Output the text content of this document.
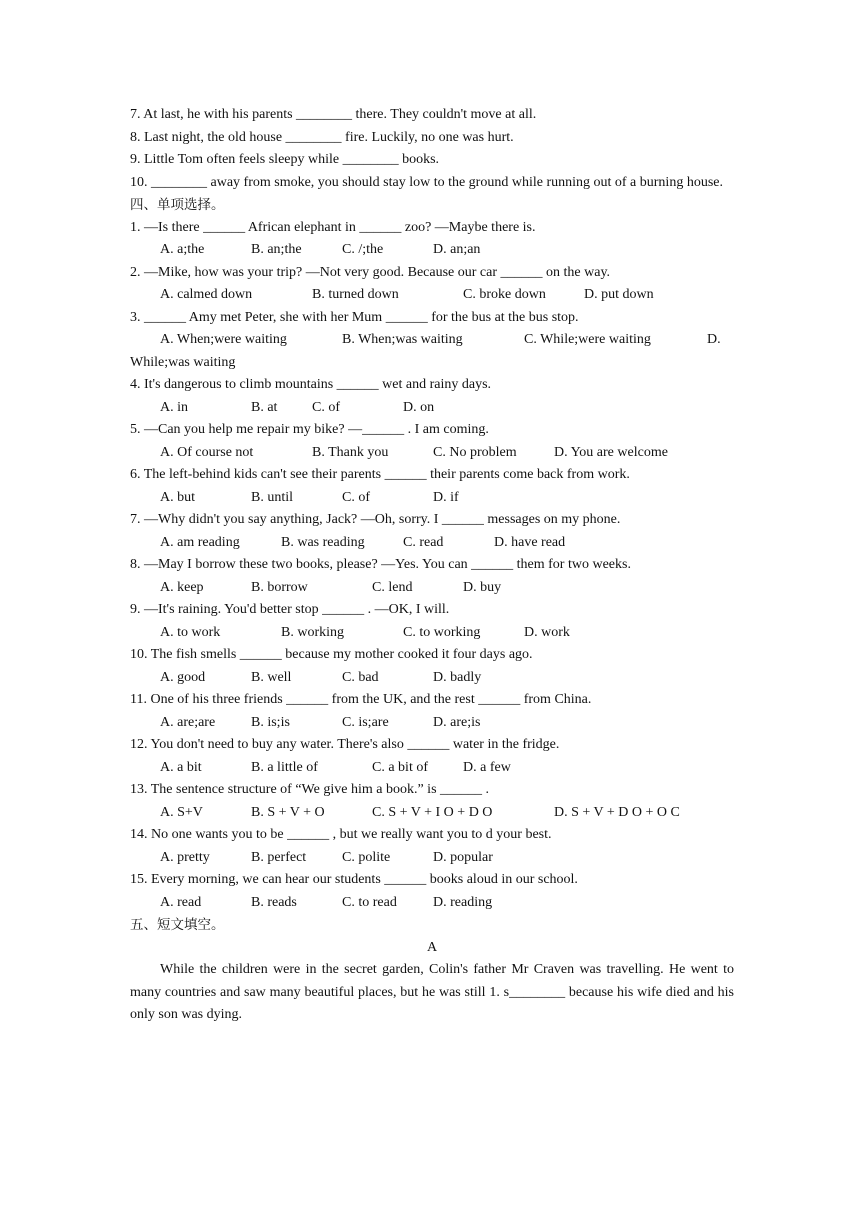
7. At last, he with his parents ________ there. They couldn't move at all.
8. Last night, the old house ________ fire. Luckily, no one was hurt.
9. Little Tom often feels sleepy while ________ books.
10. ________ away from smoke, you should stay low to the ground while running out of a burning house.
四、单项选择。
1. —Is there ______ African elephant in ______ zoo? —Maybe there is.
A. a;the	B. an;the	C. /;the	D. an;an
2. —Mike, how was your trip? —Not very good. Because our car ______ on the way.
A. calmed down	B. turned down	C. broke down	D. put down
3. ______ Amy met Peter, she with her Mum ______ for the bus at the bus stop.
A. When;were waiting	B. When;was waiting	C. While;were waiting	D.
While;was waiting
4. It's dangerous to climb mountains ______ wet and rainy days.
A. in	B. at C. of	D. on
5. —Can you help me repair my bike? —______ . I am coming.
A. Of course not	B. Thank you	C. No problem	D. You are welcome
6. The left-behind kids can't see their parents ______ their parents come back from work.
A. but	B. until	C. of	D. if
7. —Why didn't you say anything, Jack? —Oh, sorry. I ______ messages on my phone.
A. am reading	B. was reading	C. read	D. have read
8. —May I borrow these two books, please? —Yes. You can ______ them for two weeks.
A. keep	B. borrow	C. lend	D. buy
9. —It's raining. You'd better stop ______ . —OK, I will.
A. to work	B. working	C. to working	D. work
10. The fish smells ______ because my mother cooked it four days ago.
A. good	B. well	C. bad	D. badly
11. One of his three friends ______ from the UK, and the rest ______ from China.
A. are;are	B. is;is	C. is;are	D. are;is
12. You don't need to buy any water. There's also ______ water in the fridge.
A. a bit	B. a little of	C. a bit of	D. a few
13. The sentence structure of “We give him a book.” is ______ .
A. S+V	B. S + V + O	C. S + V + I O + D O	D. S + V + D O + O C
14. No one wants you to be ______ , but we really want you to d your best.
A. pretty	B. perfect	C. polite	D. popular
15. Every morning, we can hear our students ______ books aloud in our school.
A. read	B. reads	C. to read	D. reading
五、短文填空。
A
While the children were in the secret garden, Colin's father Mr Craven was travelling. He went to many countries and saw many beautiful places, but he was still 1. s________ because his wife died and his only son was dying.
